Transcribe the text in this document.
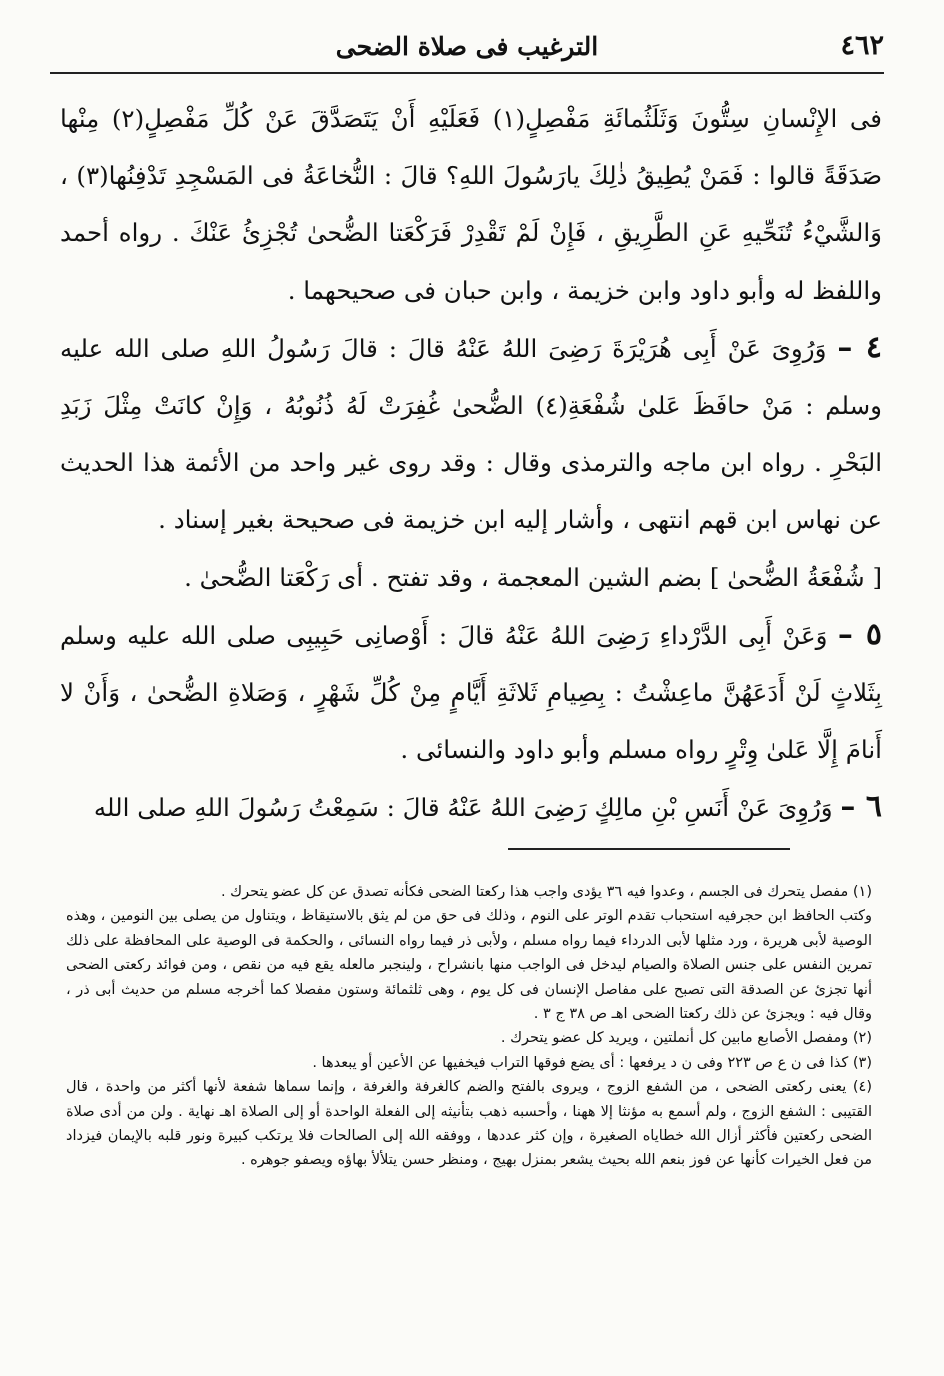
٤٦٢
الترغيب فى صلاة الضحى

فى الإِنْسانِ سِتُّونَ وَثَلَثُمائَةِ مَفْصِلٍ(١) فَعَلَيْهِ أَنْ يَتَصَدَّقَ عَنْ كُلِّ مَفْصِلٍ(٢) مِنْها صَدَقَةً قالوا : فَمَنْ يُطِيقُ ذٰلِكَ يارَسُولَ اللهِ؟ قالَ : النُّخاعَةُ فى المَسْجِدِ تَدْفِنُها(٣) ، وَالشَّيْءُ تُنَحِّيهِ عَنِ الطَّرِيقِ ، فَإِنْ لَمْ تَقْدِرْ فَرَكْعَتا الضُّحىٰ تُجْزِئُ عَنْكَ . رواه أحمد واللفظ له وأبو داود وابن خزيمة ، وابن حبان فى صحيحهما .

٤ – وَرُوِىَ عَنْ أَبِى هُرَيْرَةَ رَضِىَ اللهُ عَنْهُ قالَ : قالَ رَسُولُ اللهِ صلى الله عليه وسلم : مَنْ حافَظَ عَلىٰ شُفْعَةِ(٤) الضُّحىٰ غُفِرَتْ لَهُ ذُنُوبُهُ ، وَإِنْ كانَتْ مِثْلَ زَبَدِ البَحْرِ . رواه ابن ماجه والترمذى وقال : وقد روى غير واحد من الأئمة هذا الحديث عن نهاس ابن قهم انتهى ، وأشار إليه ابن خزيمة فى صحيحة بغير إسناد .

[ شُفْعَةُ الضُّحىٰ ] بضم الشين المعجمة ، وقد تفتح . أى رَكْعَتا الضُّحىٰ .

٥ – وَعَنْ أَبِى الدَّرْداءِ رَضِىَ اللهُ عَنْهُ قالَ : أَوْصانِى حَبِيبِى صلى الله عليه وسلم بِثَلاثٍ لَنْ أَدَعَهُنَّ ماعِشْتُ : بِصِيامِ ثَلاثَةِ أَيَّامٍ مِنْ كُلِّ شَهْرٍ ، وَصَلاةِ الضُّحىٰ ، وَأَنْ لا أَنامَ إِلَّا عَلىٰ وِتْرٍ رواه مسلم وأبو داود والنسائى .

٦ – وَرُوِىَ عَنْ أَنَسِ بْنِ مالِكٍ رَضِىَ اللهُ عَنْهُ قالَ : سَمِعْتُ رَسُولَ اللهِ صلى الله

(١) مفصل يتحرك فى الجسم ، وعدوا فيه ٣٦ يؤدى واجب هذا ركعتا الضحى فكأنه تصدق عن كل عضو يتحرك .

وكتب الحافظ ابن حجرفيه استحباب تقدم الوتر على النوم ، وذلك فى حق من لم يثق بالاستيقاظ ، ويتناول من يصلى بين النومين ، وهذه الوصية لأبى هريرة ، ورد مثلها لأبى الدرداء فيما رواه مسلم ، ولأبى ذر فيما رواه النسائى ، والحكمة فى الوصية على المحافظة على ذلك تمرين النفس على جنس الصلاة والصيام ليدخل فى الواجب منها بانشراح ، ولينجبر مالعله يقع فيه من نقص ، ومن فوائد ركعتى الضحى أنها تجزئ عن الصدقة التى تصبح على مفاصل الإنسان فى كل يوم ، وهى ثلثمائة وستون مفصلا كما أخرجه مسلم من حديث أبى ذر ، وقال فيه : ويجزئ عن ذلك ركعتا الضحى اهـ ص ٣٨ ج ٣ .

(٢) ومفصل الأصابع مابين كل أنملتين ، ويريد كل عضو يتحرك .

(٣) كذا فى ن ع ص ٢٢٣ وفى ن د يرفعها : أى يضع فوقها التراب فيخفيها عن الأعين أو يبعدها .

(٤) يعنى ركعتى الضحى ، من الشفع الزوج ، ويروى بالفتح والضم كالغرفة والغرفة ، وإنما سماها شفعة لأنها أكثر من واحدة ، قال القتيبى : الشفع الزوج ، ولم أسمع به مؤنثا إلا ههنا ، وأحسبه ذهب بتأنيثه إلى الفعلة الواحدة أو إلى الصلاة اهـ نهاية . ولن من أدى صلاة الضحى ركعتين فأكثر أزال الله خطاياه الصغيرة ، وإن كثر عددها ، ووفقه الله إلى الصالحات فلا يرتكب كبيرة ونور قلبه بالإيمان فيزداد من فعل الخيرات كأنها عن فوز بنعم الله بحيث يشعر بمنزل بهيج ، ومنظر حسن يتلألأ بهاؤه ويصفو جوهره .
